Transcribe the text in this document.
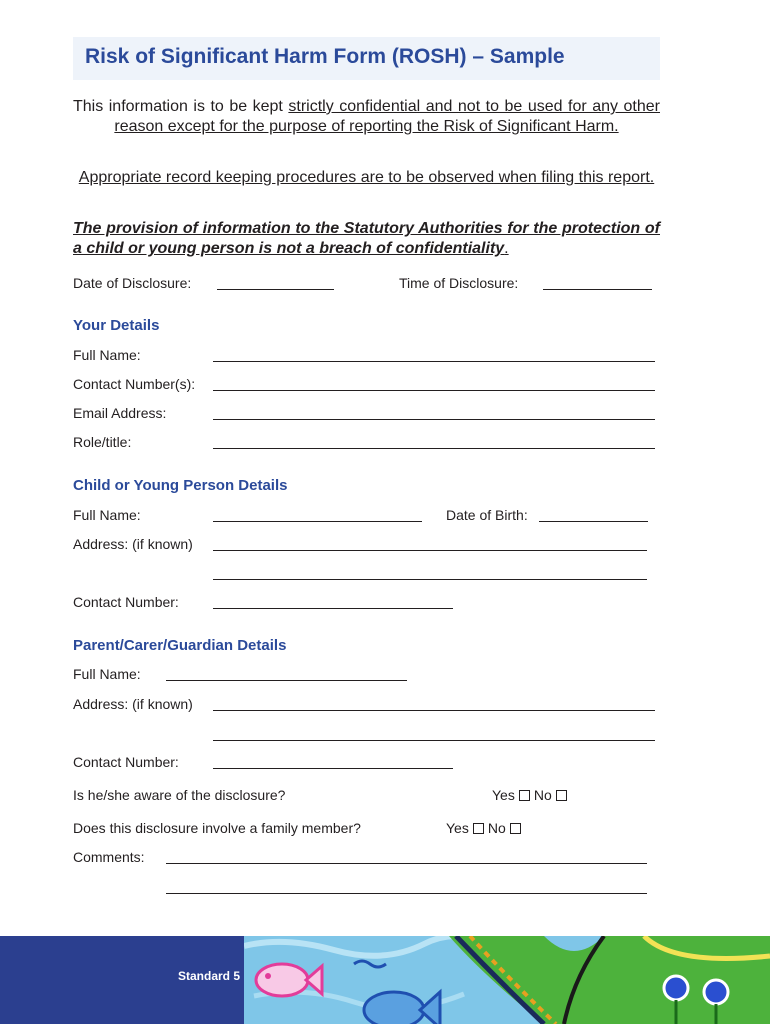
Risk of Significant Harm Form (ROSH) – Sample
This information is to be kept strictly confidential and not to be used for any other reason except for the purpose of reporting the Risk of Significant Harm.
Appropriate record keeping procedures are to be observed when filing this report.
The provision of information to the Statutory Authorities for the protection of a child or young person is not a breach of confidentiality.
Date of Disclosure:	Time of Disclosure:
Your Details
Full Name:
Contact Number(s):
Email Address:
Role/title:
Child or Young Person Details
Full Name:	Date of Birth:
Address: (if known)
Contact Number:
Parent/Carer/Guardian Details
Full Name:
Address: (if known)
Contact Number:
Is he/she aware of the disclosure?	Yes No
Does this disclosure involve a family member?	Yes No
Comments:
Standard 5
